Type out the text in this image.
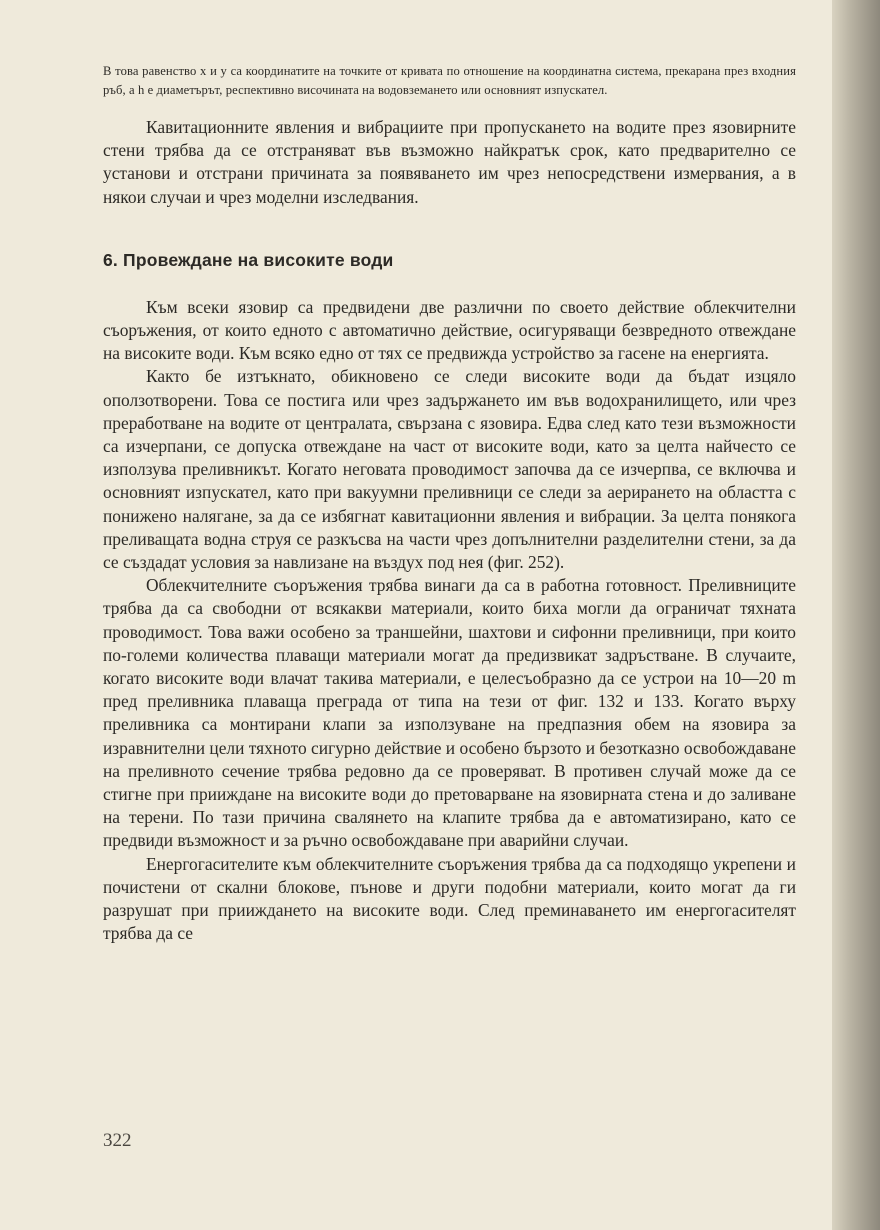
В това равенство x и y са координатите на точките от кривата по отношение на координатна система, прекарана през входния ръб, а h е диаметърът, респективно височината на водовземането или основният изпускател.

Кавитационните явления и вибрациите при пропускането на водите през язовирните стени трябва да се отстраняват във възможно найкратък срок, като предварително се установи и отстрани причината за появяването им чрез непосредствени измервания, а в някои случаи и чрез моделни изследвания.

6. Провеждане на високите води

Към всеки язовир са предвидени две различни по своето действие облекчителни съоръжения, от които едното с автоматично действие, осигуряващи безвредното отвеждане на високите води. Към всяко едно от тях се предвижда устройство за гасене на енергията.

Както бе изтъкнато, обикновено се следи високите води да бъдат изцяло оползотворени. Това се постига или чрез задържането им във водохранилището, или чрез преработване на водите от централата, свързана с язовира. Едва след като тези възможности са изчерпани, се допуска отвеждане на част от високите води, като за целта найчесто се използува преливникът. Когато неговата проводимост започва да се изчерпва, се включва и основният изпускател, като при вакуумни преливници се следи за аерирането на областта с понижено налягане, за да се избягнат кавитационни явления и вибрации. За целта понякога преливащата водна струя се разкъсва на части чрез допълнителни разделителни стени, за да се създадат условия за навлизане на въздух под нея (фиг. 252).

Облекчителните съоръжения трябва винаги да са в работна готовност. Преливниците трябва да са свободни от всякакви материали, които биха могли да ограничат тяхната проводимост. Това важи особено за траншейни, шахтови и сифонни преливници, при които по-големи количества плаващи материали могат да предизвикат задръстване. В случаите, когато високите води влачат такива материали, е целесъобразно да се устрои на 10—20 m пред преливника плаваща преграда от типа на тези от фиг. 132 и 133. Когато върху преливника са монтирани клапи за използуване на предпазния обем на язовира за изравнителни цели тяхното сигурно действие и особено бързото и безотказно освобождаване на преливното сечение трябва редовно да се проверяват. В противен случай може да се стигне при приижданe на високите води до претоварване на язовирната стена и до заливане на терени. По тази причина свалянето на клапите трябва да е автоматизирано, като се предвиди възможност и за ръчно освобождаване при аварийни случаи.

Енергогасителите към облекчителните съоръжения трябва да са подходящо укрепени и почистени от скални блокове, пънове и други подобни материали, които могат да ги разрушат при приижданeто на високите води. След преминаването им енергогасителят трябва да се

322
